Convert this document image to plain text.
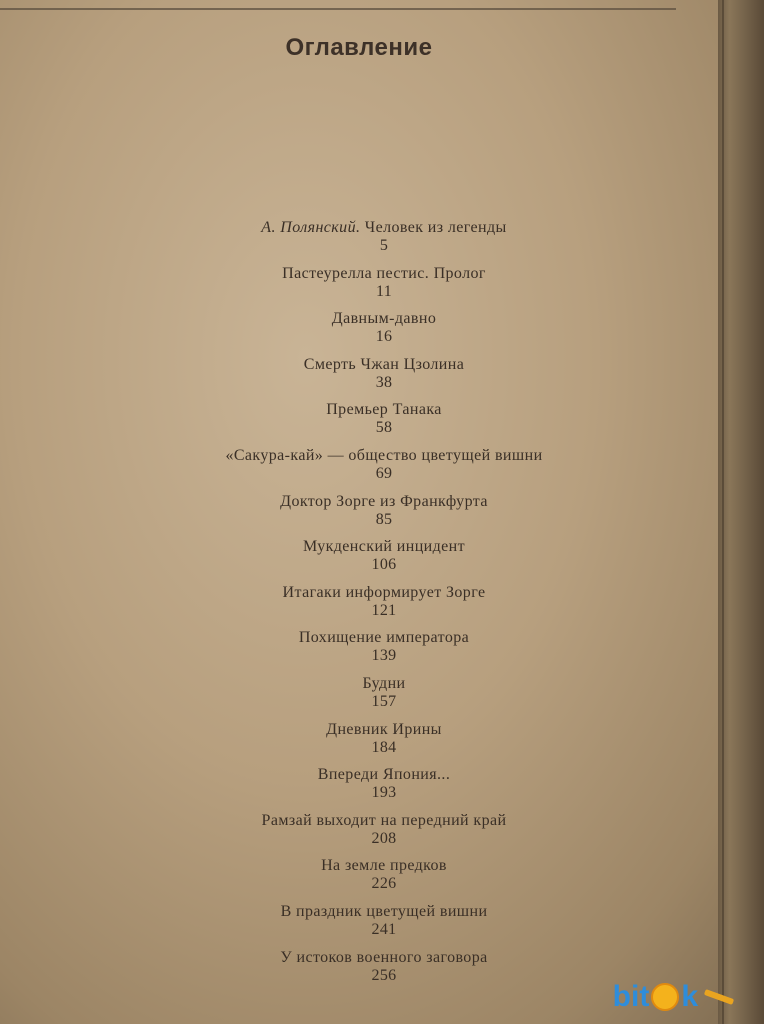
Оглавление
А. Полянский. Человек из легенды
5
Пастеурелла пестис. Пролог
11
Давным-давно
16
Смерть Чжан Цзолина
38
Премьер Танака
58
«Сакура-кай» — общество цветущей вишни
69
Доктор Зорге из Франкфурта
85
Мукденский инцидент
106
Итагаки информирует Зорге
121
Похищение императора
139
Будни
157
Дневник Ирины
184
Впереди Япония...
193
Рамзай выходит на передний край
208
На земле предков
226
В праздник цветущей вишни
241
У истоков военного заговора
256
bit k
